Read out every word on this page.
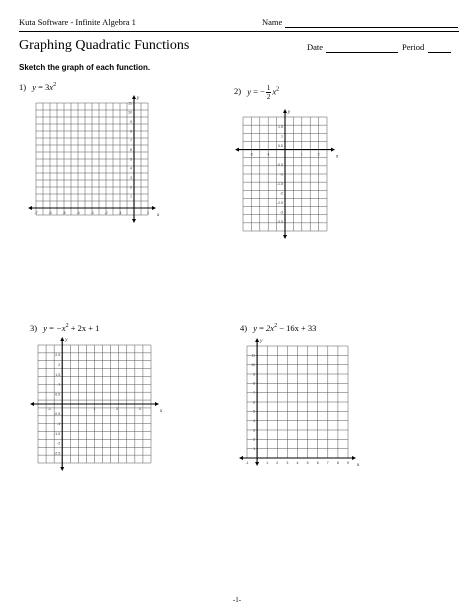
Kuta Software - Infinite Algebra 1	Name
Graphing Quadratic Functions	Date	Period
Sketch the graph of each function.
1) $y = 3x^2$
x
y
-7	-6	-5	-4	-3	-2	-1	1
11
10
9
8
7
6
5
4
3
2
1
2) y = − $\frac{1}{2} x^2$
x
y
-2	-1	1	2
1.5
1
0.5
-0.5
-1
-1.5
-2
-2.5
-3
-3.5
3) $y = -x^2 + 2x + 1$
x
y
-1	1	2	3
2.5
2
1.5
1
0.5
-0.5
-1
-1.5
-2
-2.5
4) $y = 2x^2 - 16x + 33$
x
y
-1	1 2 3 4 5 6 7 8 9
11
10
9
8
7
6
5
4
3
2
1
-1-
